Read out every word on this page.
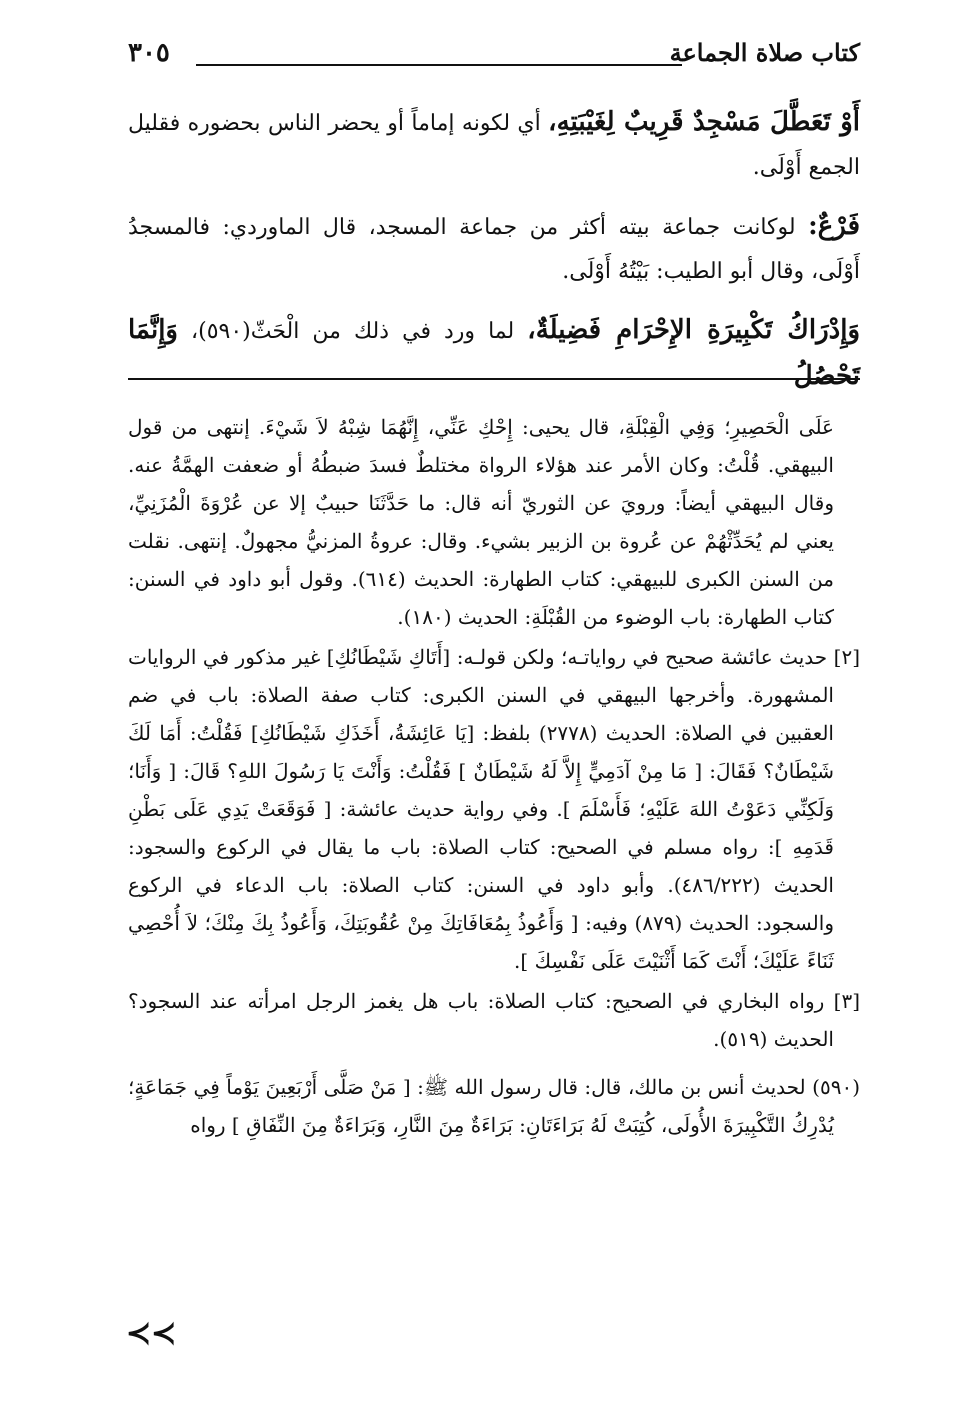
كتاب صلاة الجماعة
٣٠٥

أَوْ تَعَطَّلَ مَسْجِدٌ قَرِيبٌ لِغَيْبَتِهِ، أي لكونه إماماً أو يحضر الناس بحضوره فقليل الجمع أَوْلَى.

فَرْعٌ: لوكانت جماعة بيته أكثر من جماعة المسجد، قال الماوردي: فالمسجدُ أَوْلَى، وقال أبو الطيب: بَيْتُهُ أَوْلَى.

وَإِدْرَاكُ تَكْبِيرَةِ الإِحْرَامِ فَضِيلَةٌ، لما ورد في ذلك من الْحَثّ(٥٩٠)، وَإِنَّمَا تَحْصُلُ

عَلَى الْحَصِيرِ؛ وَفِي الْقِبْلَةِ، قال يحيى: إِحْكِ عَنِّي، إِنَّهُمَا شِبْهُ لاَ شَيْءَ. إنتهى من قول البيهقي. قُلْتُ: وكان الأمر عند هؤلاء الرواة مختلطٌ فسدَ ضبطُهُ أو ضعفت الهمَّةُ عنه. وقال البيهقي أيضاً: ورويَ عن الثوريّ أنه قال: ما حَدَّثَنَا حبيبٌ إلا عن عُرْوَةَ الْمُزَنِيِّ، يعني لم يُحَدِّثْهُمْ عن عُروة بن الزبير بشيء. وقال: عروةُ المزنيُّ مجهولٌ. إنتهى. نقلت من السنن الكبرى للبيهقي: كتاب الطهارة: الحديث (٦١٤). وقول أبو داود في السنن: كتاب الطهارة: باب الوضوء من القُبْلَةِ: الحديث (١٨٠).

[٢] حديث عائشة صحيح في رواياتـه؛ ولكن قولـه: [أَتَاكِ شَيْطَانُكِ] غير مذكور في الروايات المشهورة. وأخرجها البيهقي في السنن الكبرى: كتاب صفة الصلاة: باب في ضم العقبين في الصلاة: الحديث (٢٧٧٨) بلفظ: [يَا عَائِشَةُ، أَخَذَكِ شَيْطَانُكِ] فَقُلْتُ: أَمَا لَكَ شَيْطَانٌ؟ فَقَالَ: [ مَا مِنْ آدَمِيٍّ إِلاَّ لَهُ شَيْطَانٌ ] فَقُلْتُ: وَأَنْتَ يَا رَسُولَ اللهِ؟ قَالَ: [ وَأَنَا؛ وَلَكِنِّي دَعَوْتُ اللهَ عَلَيْهِ؛ فَأَسْلَمَ ]. وفي رواية حديث عائشة: [ فَوَقَعَتْ يَدِي عَلَى بَطْنِ قَدَمِهِ ]: رواه مسلم في الصحيح: كتاب الصلاة: باب ما يقال في الركوع والسجود: الحديث (٤٨٦/٢٢٢). وأبو داود في السنن: كتاب الصلاة: باب الدعاء في الركوع والسجود: الحديث (٨٧٩) وفيه: [ وَأَعُوذُ بِمُعَافَاتِكَ مِنْ عُقُوبَتِكَ، وَأَعُوذُ بِكَ مِنْكَ؛ لاَ أُحْصِي ثَنَاءً عَلَيْكَ؛ أَنْتَ كَمَا أَثْنَيْتَ عَلَى نَفْسِكَ ].

[٣] رواه البخاري في الصحيح: كتاب الصلاة: باب هل يغمز الرجل امرأته عند السجود؟ الحديث (٥١٩).

(٥٩٠) لحديث أنس بن مالك، قال: قال رسول الله ﷺ: [ مَنْ صَلَّى أَرْبَعِينَ يَوْماً فِي جَمَاعَةٍ؛ يُدْرِكُ التَّكْبِيرَةَ الأُولَى، كُتِبَتْ لَهُ بَرَاءَتَانِ: بَرَاءَةٌ مِنَ النَّارِ، وَبَرَاءَةٌ مِنَ النِّفَاقِ ] رواه

≺≺
